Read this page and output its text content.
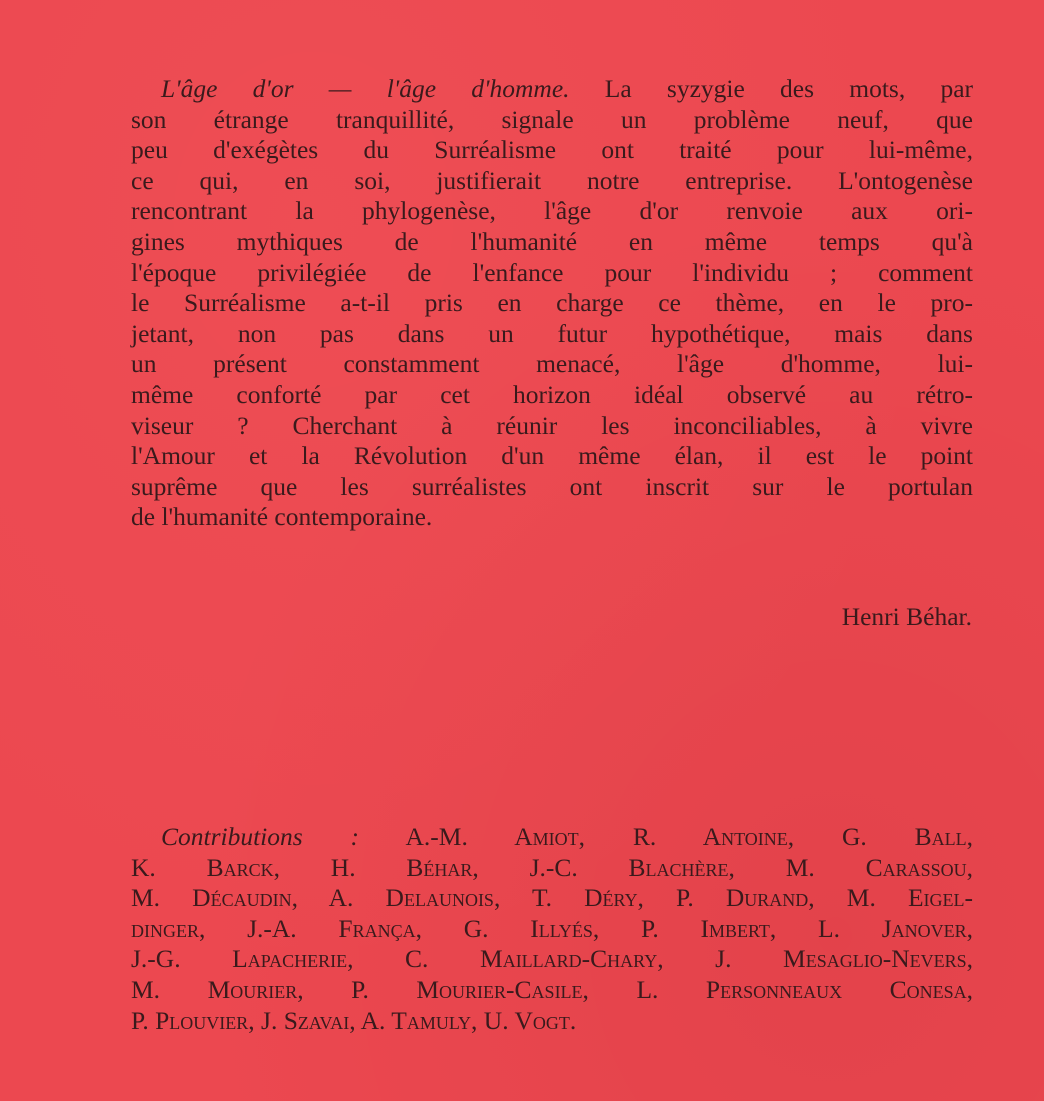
L'âge d'or — l'âge d'homme. La syzygie des mots, par
son étrange tranquillité, signale un problème neuf, que
peu d'exégètes du Surréalisme ont traité pour lui-même,
ce qui, en soi, justifierait notre entreprise. L'ontogenèse
rencontrant la phylogenèse, l'âge d'or renvoie aux ori-
gines mythiques de l'humanité en même temps qu'à
l'époque privilégiée de l'enfance pour l'individu ; comment
le Surréalisme a-t-il pris en charge ce thème, en le pro-
jetant, non pas dans un futur hypothétique, mais dans
un présent constamment menacé, l'âge d'homme, lui-
même conforté par cet horizon idéal observé au rétro-
viseur ? Cherchant à réunir les inconciliables, à vivre
l'Amour et la Révolution d'un même élan, il est le point
suprême que les surréalistes ont inscrit sur le portulan
de l'humanité contemporaine.
Henri Béhar.
Contributions : A.-M. Amiot, R. Antoine, G. Ball,
K. Barck, H. Béhar, J.-C. Blachère, M. Carassou,
M. Décaudin, A. Delaunois, T. Déry, P. Durand, M. Eigel-
dinger, J.-A. França, G. Illyés, P. Imbert, L. Janover,
J.-G. Lapacherie, C. Maillard-Chary, J. Mesaglio-Nevers,
M. Mourier, P. Mourier-Casile, L. Personneaux Conesa,
P. Plouvier, J. Szavai, A. Tamuly, U. Vogt.
